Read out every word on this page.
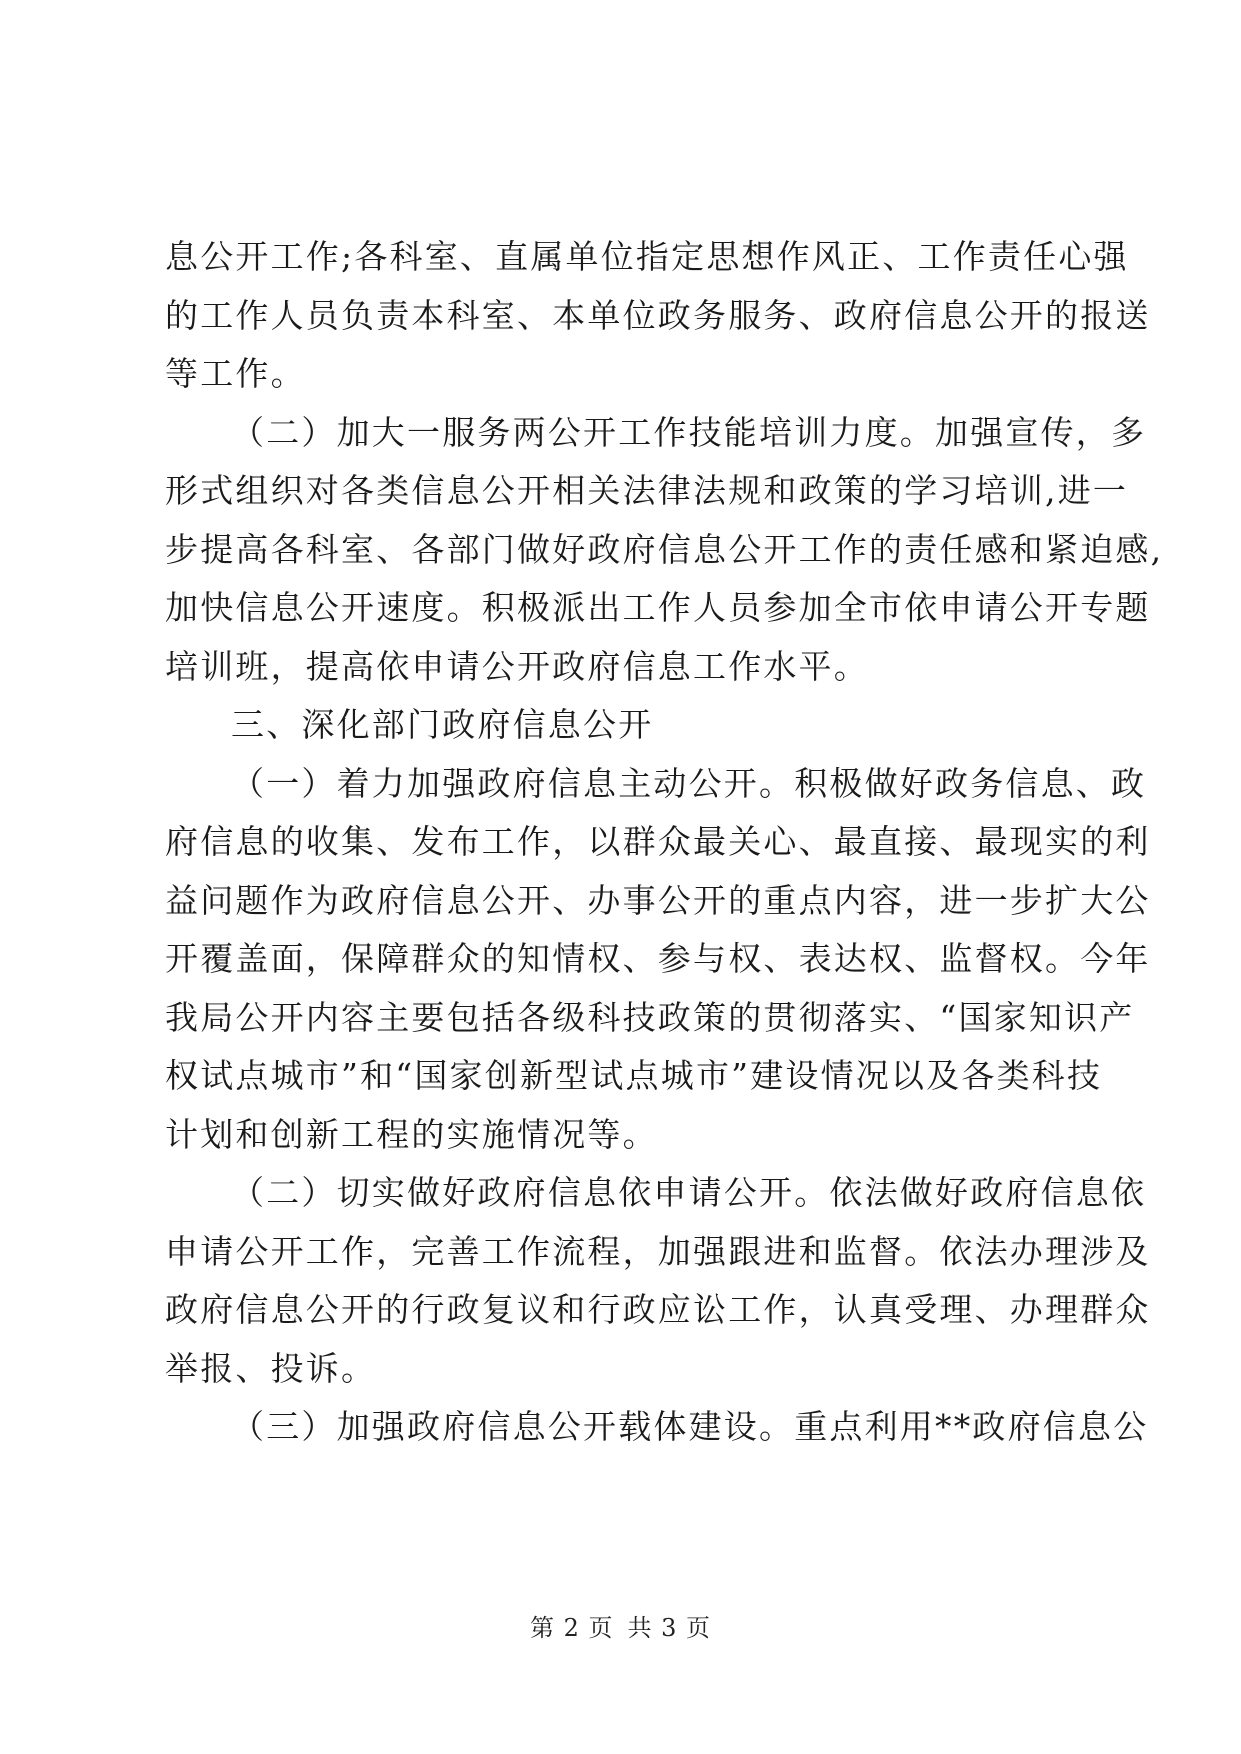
息公开工作;各科室、直属单位指定思想作风正、工作责任心强
的工作人员负责本科室、本单位政务服务、政府信息公开的报送
等工作。
（二）加大一服务两公开工作技能培训力度。加强宣传，多
形式组织对各类信息公开相关法律法规和政策的学习培训,进一
步提高各科室、各部门做好政府信息公开工作的责任感和紧迫感,
加快信息公开速度。积极派出工作人员参加全市依申请公开专题
培训班，提高依申请公开政府信息工作水平。
三、深化部门政府信息公开
（一）着力加强政府信息主动公开。积极做好政务信息、政
府信息的收集、发布工作，以群众最关心、最直接、最现实的利
益问题作为政府信息公开、办事公开的重点内容，进一步扩大公
开覆盖面，保障群众的知情权、参与权、表达权、监督权。今年
我局公开内容主要包括各级科技政策的贯彻落实、“国家知识产
权试点城市”和“国家创新型试点城市”建设情况以及各类科技
计划和创新工程的实施情况等。
（二）切实做好政府信息依申请公开。依法做好政府信息依
申请公开工作，完善工作流程，加强跟进和监督。依法办理涉及
政府信息公开的行政复议和行政应讼工作，认真受理、办理群众
举报、投诉。
（三）加强政府信息公开载体建设。重点利用**政府信息公
第 2 页 共 3 页
